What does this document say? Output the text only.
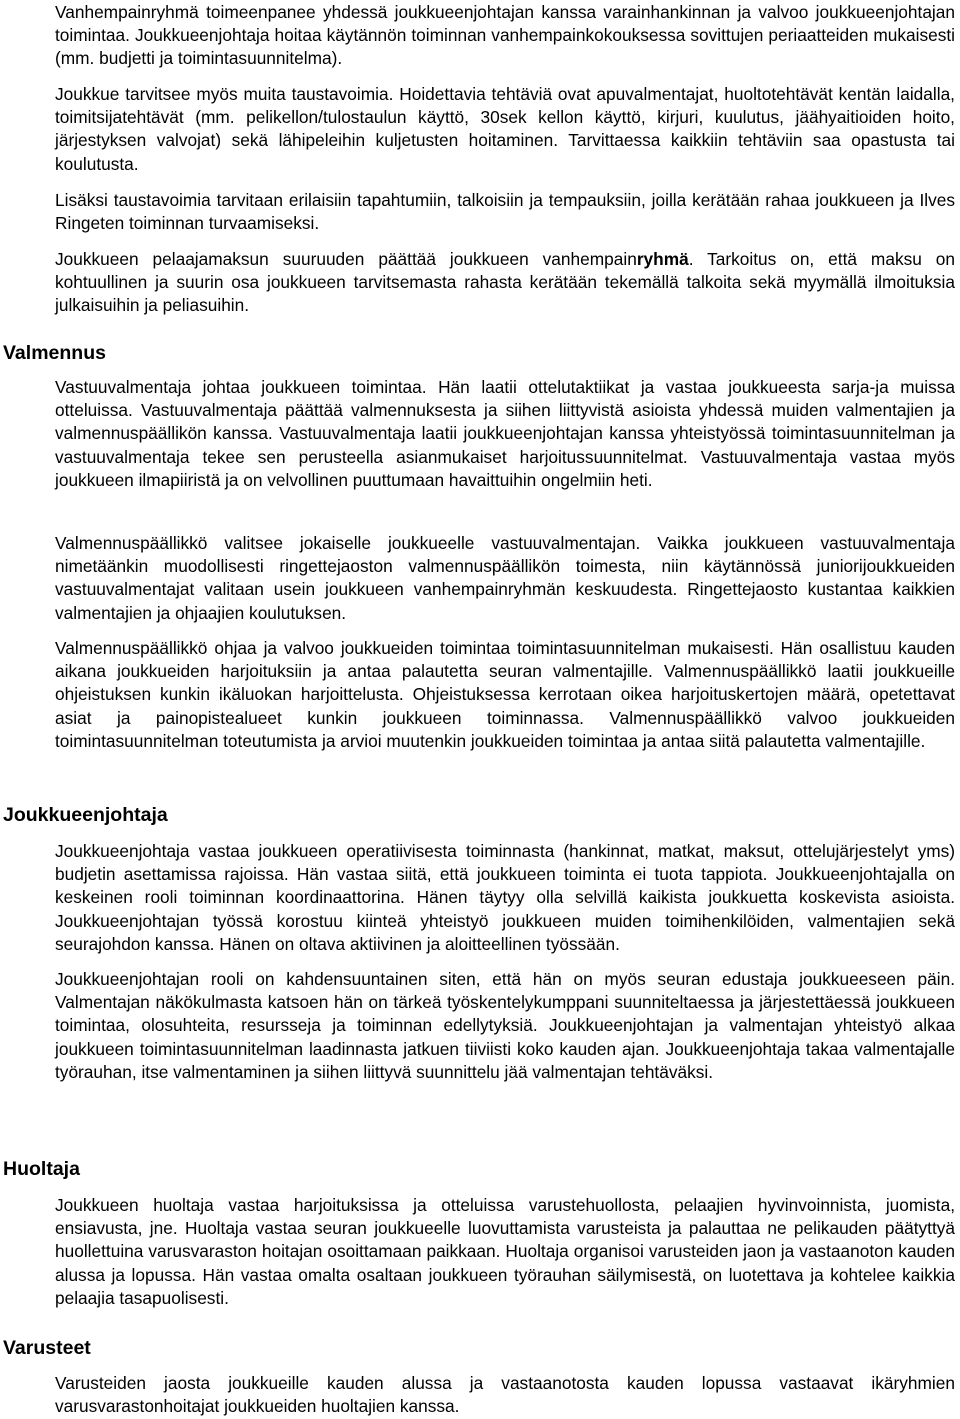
Vanhempainryhmä toimeenpanee yhdessä joukkueenjohtajan kanssa varainhankinnan ja valvoo joukkueenjohtajan toimintaa. Joukkueenjohtaja hoitaa käytännön toiminnan vanhempainkokouksessa sovittujen periaatteiden mukaisesti (mm. budjetti ja toimintasuunnitelma).

Joukkue tarvitsee myös muita taustavoimia. Hoidettavia tehtäviä ovat apuvalmentajat, huoltotehtävät kentän laidalla, toimitsijatehtävät (mm. pelikellon/tulostaulun käyttö, 30sek kellon käyttö, kirjuri, kuulutus, jäähyaitioiden hoito, järjestyksen valvojat) sekä lähipeleihin kuljetusten hoitaminen. Tarvittaessa kaikkiin tehtäviin saa opastusta tai koulutusta.

Lisäksi taustavoimia tarvitaan erilaisiin tapahtumiin, talkoisiin ja tempauksiin, joilla kerätään rahaa joukkueen ja Ilves Ringeten toiminnan turvaamiseksi.

Joukkueen pelaajamaksun suuruuden päättää joukkueen vanhempainryhmä. Tarkoitus on, että maksu on kohtuullinen ja suurin osa joukkueen tarvitsemasta rahasta kerätään tekemällä talkoita sekä myymällä ilmoituksia julkaisuihin ja peliasuihin.

Valmennus

Vastuuvalmentaja johtaa joukkueen toimintaa. Hän laatii ottelutaktiikat ja vastaa joukkueesta sarja-ja muissa otteluissa. Vastuuvalmentaja päättää valmennuksesta ja siihen liittyvistä asioista yhdessä muiden valmentajien ja valmennuspäällikön kanssa. Vastuuvalmentaja laatii joukkueenjohtajan kanssa yhteistyössä toimintasuunnitelman ja vastuuvalmentaja tekee sen perusteella asianmukaiset harjoitussuunnitelmat. Vastuuvalmentaja vastaa myös joukkueen ilmapiiristä ja on velvollinen puuttumaan havaittuihin ongelmiin heti.

Valmennuspäällikkö valitsee jokaiselle joukkueelle vastuuvalmentajan. Vaikka joukkueen vastuuvalmentaja nimetäänkin muodollisesti ringettejaoston valmennuspäällikön toimesta, niin käytännössä juniorijoukkueiden vastuuvalmentajat valitaan usein joukkueen vanhempainryhmän keskuudesta. Ringettejaosto kustantaa kaikkien valmentajien ja ohjaajien koulutuksen.

Valmennuspäällikkö ohjaa ja valvoo joukkueiden toimintaa toimintasuunnitelman mukaisesti. Hän osallistuu kauden aikana joukkueiden harjoituksiin ja antaa palautetta seuran valmentajille. Valmennuspäällikkö laatii joukkueille ohjeistuksen kunkin ikäluokan harjoittelusta. Ohjeistuksessa kerrotaan oikea harjoituskertojen määrä, opetettavat asiat ja painopistealueet kunkin joukkueen toiminnassa. Valmennuspäällikkö valvoo joukkueiden toimintasuunnitelman toteutumista ja arvioi muutenkin joukkueiden toimintaa ja antaa siitä palautetta valmentajille.

Joukkueenjohtaja

Joukkueenjohtaja vastaa joukkueen operatiivisesta toiminnasta (hankinnat, matkat, maksut, ottelujärjestelyt yms) budjetin asettamissa rajoissa. Hän vastaa siitä, että joukkueen toiminta ei tuota tappiota. Joukkueenjohtajalla on keskeinen rooli toiminnan koordinaattorina. Hänen täytyy olla selvillä kaikista joukkuetta koskevista asioista. Joukkueenjohtajan työssä korostuu kiinteä yhteistyö joukkueen muiden toimihenkilöiden, valmentajien sekä seurajohdon kanssa. Hänen on oltava aktiivinen ja aloitteellinen työssään.

Joukkueenjohtajan rooli on kahdensuuntainen siten, että hän on myös seuran edustaja joukkueeseen päin. Valmentajan näkökulmasta katsoen hän on tärkeä työskentelykumppani suunniteltaessa ja järjestettäessä joukkueen toimintaa, olosuhteita, resursseja ja toiminnan edellytyksiä. Joukkueenjohtajan ja valmentajan yhteistyö alkaa joukkueen toimintasuunnitelman laadinnasta jatkuen tiiviisti koko kauden ajan. Joukkueenjohtaja takaa valmentajalle työrauhan, itse valmentaminen ja siihen liittyvä suunnittelu jää valmentajan tehtäväksi.

Huoltaja

Joukkueen huoltaja vastaa harjoituksissa ja otteluissa varustehuollosta, pelaajien hyvinvoinnista, juomista, ensiavusta, jne. Huoltaja vastaa seuran joukkueelle luovuttamista varusteista ja palauttaa ne pelikauden päätyttyä huollettuina varusvaraston hoitajan osoittamaan paikkaan. Huoltaja organisoi varusteiden jaon ja vastaanoton kauden alussa ja lopussa. Hän vastaa omalta osaltaan joukkueen työrauhan säilymisestä, on luotettava ja kohtelee kaikkia pelaajia tasapuolisesti.

Varusteet

Varusteiden jaosta joukkueille kauden alussa ja vastaanotosta kauden lopussa vastaavat ikäryhmien varusvarastonhoitajat joukkueiden huoltajien kanssa.
